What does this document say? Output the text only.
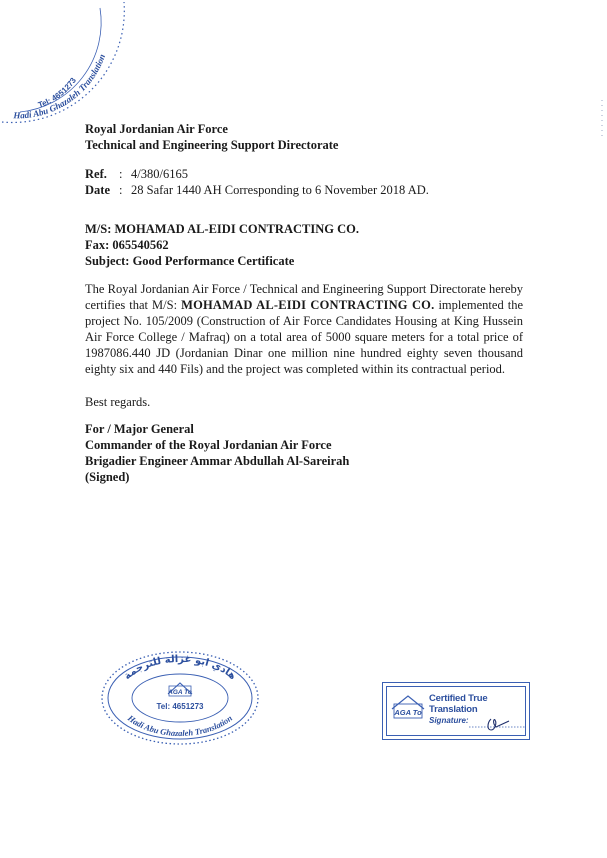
Tel: 4651273
Hadi Abu Ghazaleh Translation
Royal Jordanian Air Force
Technical and Engineering Support Directorate
Ref. : 4/380/6165
Date : 28 Safar 1440 AH Corresponding to 6 November 2018 AD.
M/S: MOHAMAD AL-EIDI CONTRACTING CO.
Fax: 065540562
Subject: Good Performance Certificate
The Royal Jordanian Air Force / Technical and Engineering Support Directorate hereby certifies that M/S: MOHAMAD AL-EIDI CONTRACTING CO. implemented the project No. 105/2009 (Construction of Air Force Candidates Housing at King Hussein Air Force College / Mafraq) on a total area of 5000 square meters for a total price of 1987086.440 JD (Jordanian Dinar one million nine hundred eighty seven thousand eighty six and 440 Fils) and the project was completed within its contractual period.
Best regards.
For / Major General
Commander of the Royal Jordanian Air Force
Brigadier Engineer Ammar Abdullah Al-Sareirah
(Signed)
هادي ابو غزالة للترجمة
Hadi Abu Ghazaleh Translation
AGA To
Tel: 4651273
AGA To
Certified True Translation
Signature:
